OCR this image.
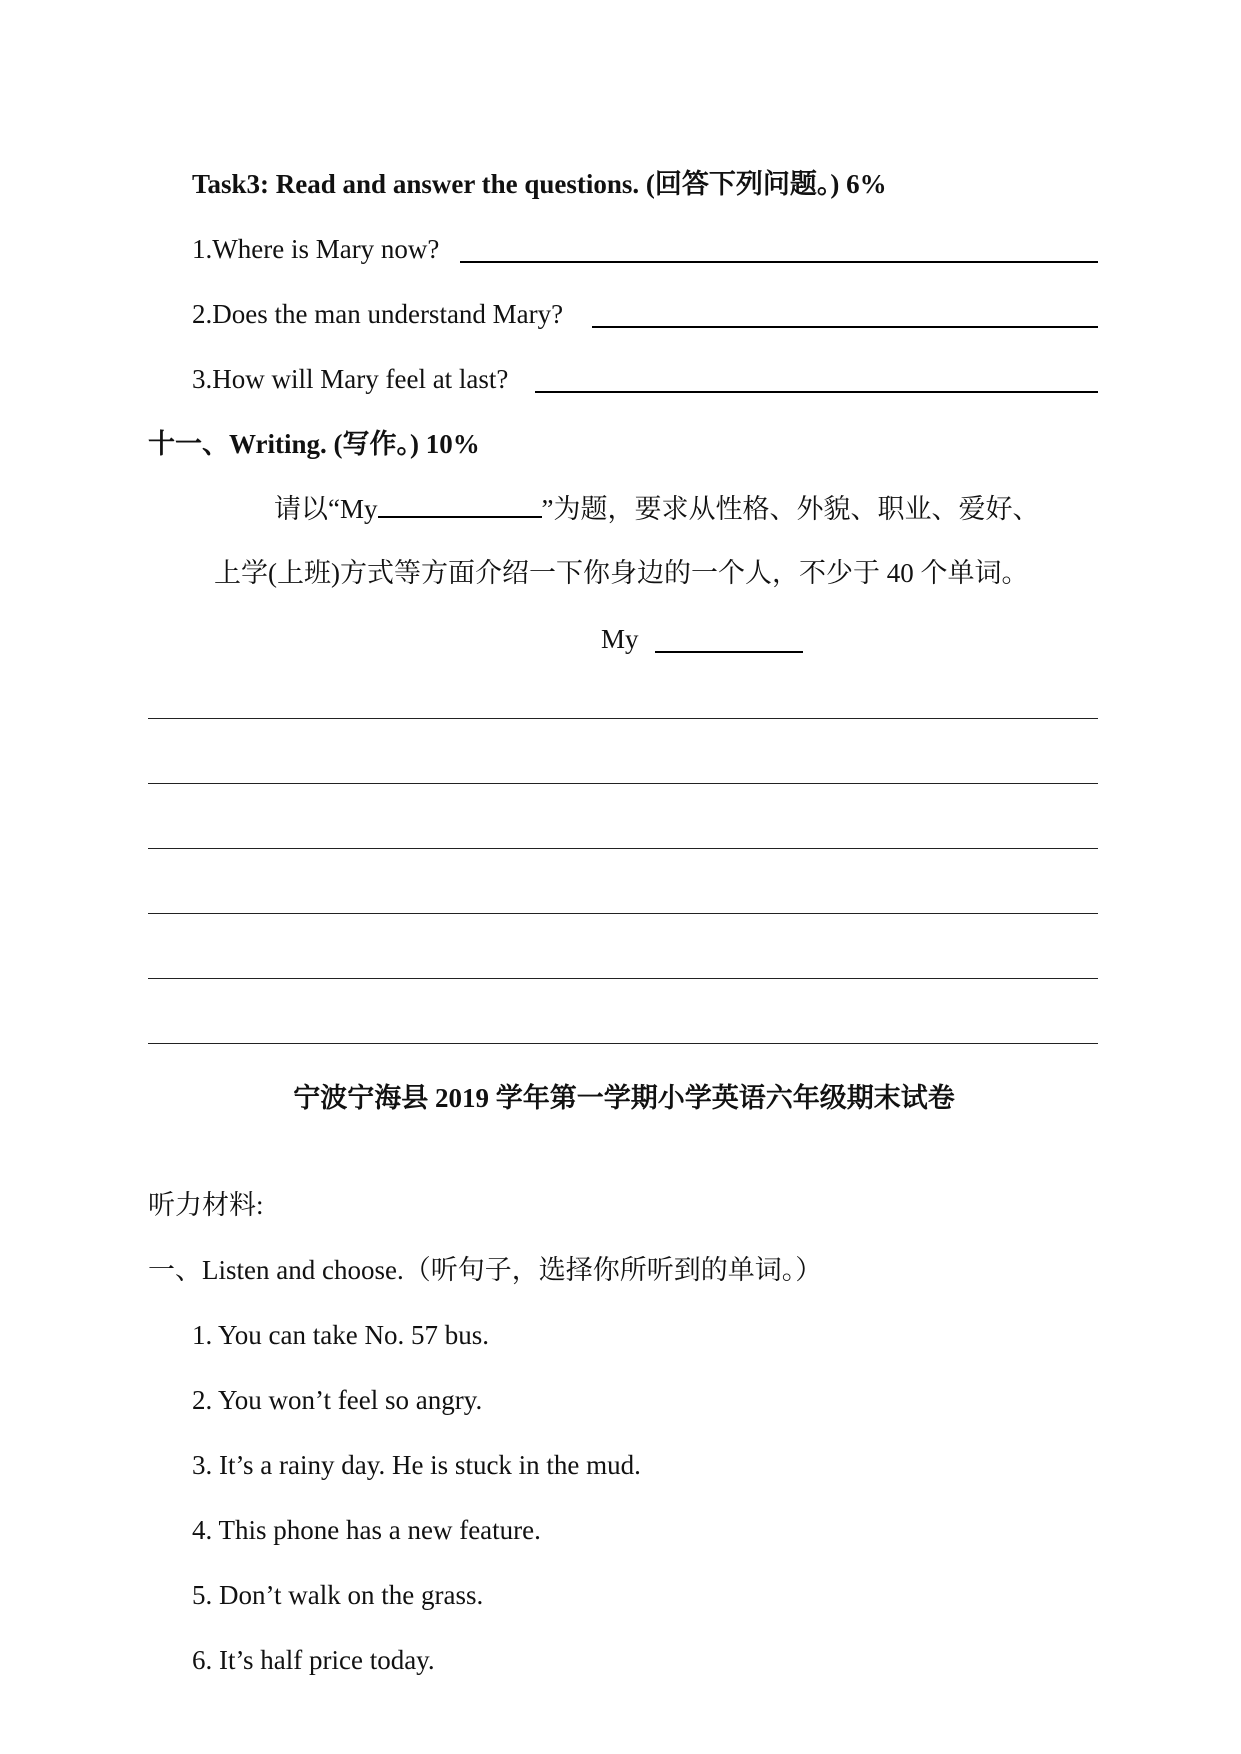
Task3: Read and answer the questions. (回答下列问题。) 6%
1.Where is Mary now?
2.Does the man understand Mary?
3.How will Mary feel at last?
十一、Writing. (写作。) 10%
请以“My	”为题，要求从性格、外貌、职业、爱好、
上学(上班)方式等方面介绍一下你身边的一个人，不少于 40 个单词。
My
宁波宁海县 2019 学年第一学期小学英语六年级期末试卷
听力材料:
一、Listen and choose.（听句子，选择你所听到的单词。）
1. You can take No. 57 bus.
2. You won’t feel so angry.
3. It’s a rainy day. He is stuck in the mud.
4. This phone has a new feature.
5. Don’t walk on the grass.
6. It’s half price today.
